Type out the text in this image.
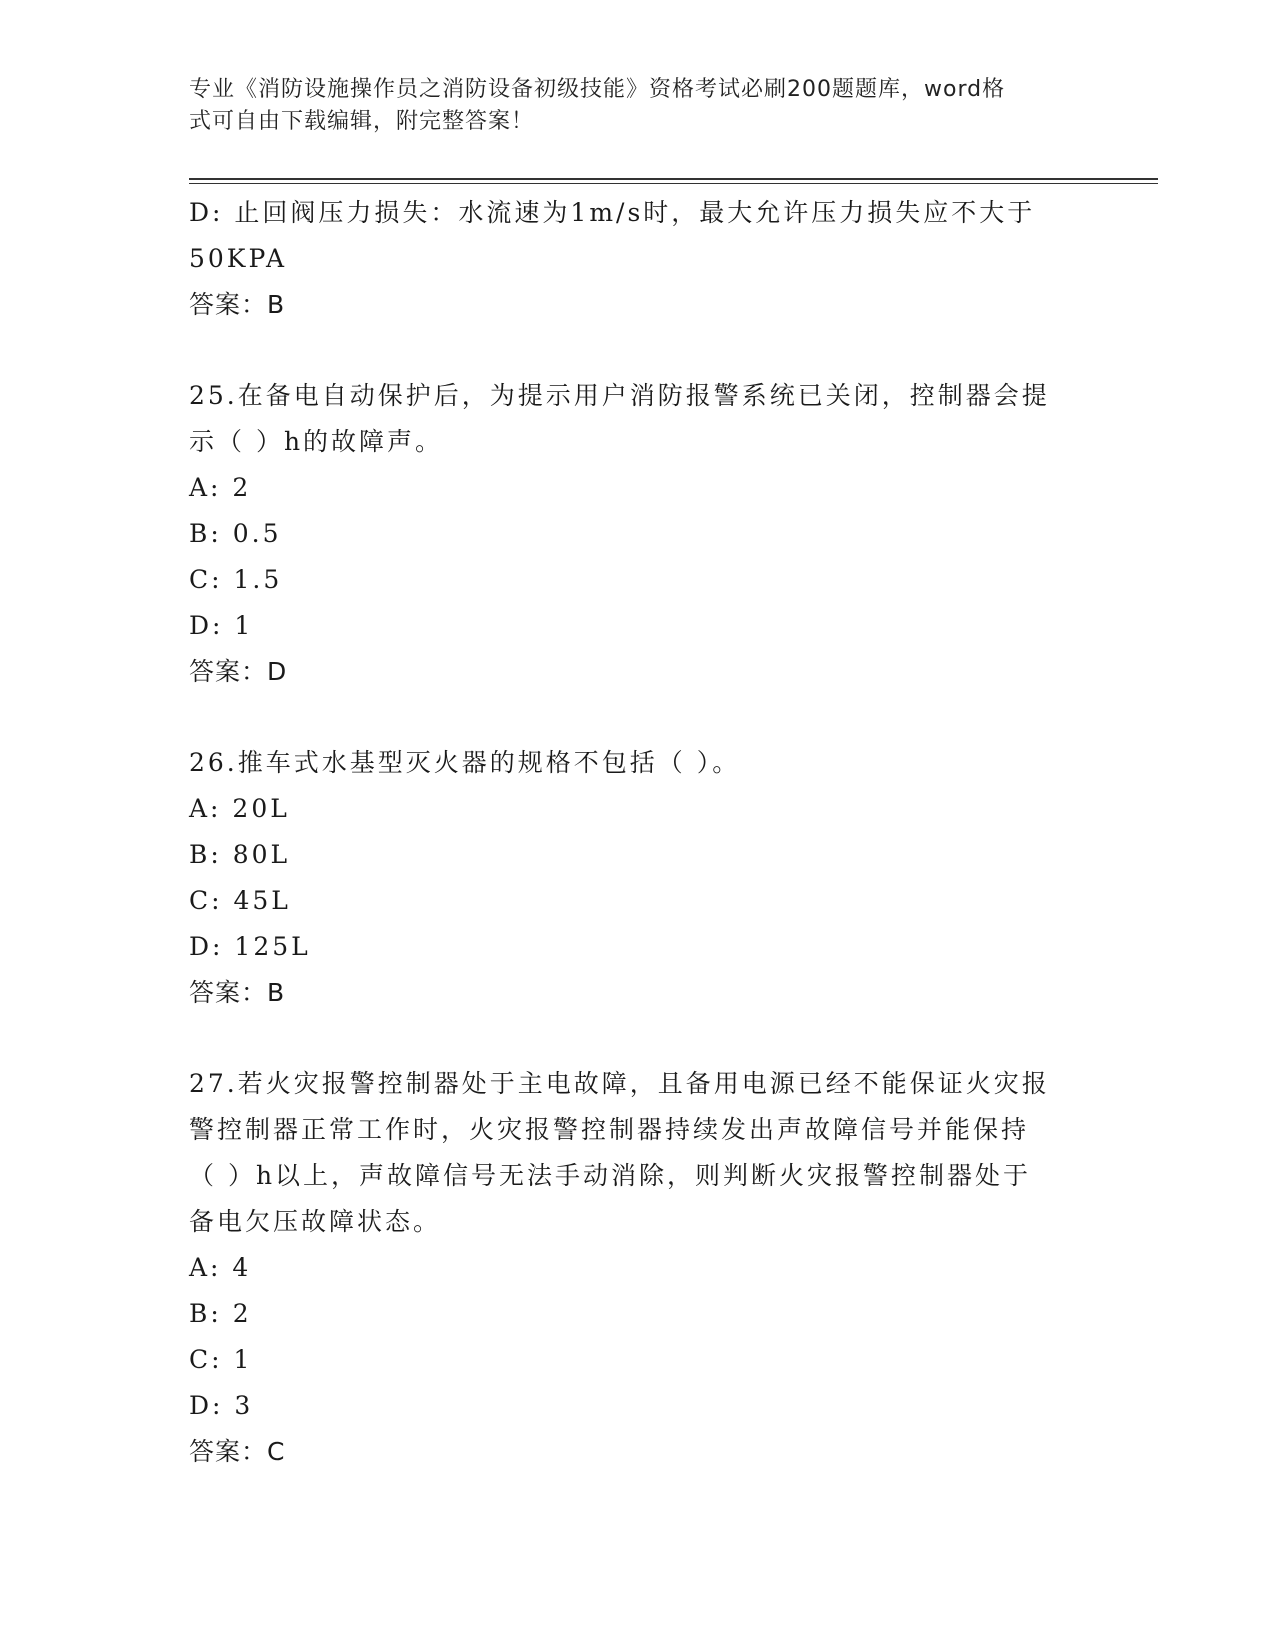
专业《消防设施操作员之消防设备初级技能》资格考试必刷200题题库，word格
式可自由下载编辑，附完整答案！
D: 止回阀压力损失：水流速为1m/s时，最大允许压力损失应不大于
50KPA
答案：B
25.在备电自动保护后，为提示用户消防报警系统已关闭，控制器会提
示（ ）h的故障声。
A: 2
B: 0.5
C: 1.5
D: 1
答案：D
26.推车式水基型灭火器的规格不包括（ ）。
A: 20L
B: 80L
C: 45L
D: 125L
答案：B
27.若火灾报警控制器处于主电故障，且备用电源已经不能保证火灾报
警控制器正常工作时，火灾报警控制器持续发出声故障信号并能保持
（ ）h以上，声故障信号无法手动消除，则判断火灾报警控制器处于
备电欠压故障状态。
A: 4
B: 2
C: 1
D: 3
答案：C
